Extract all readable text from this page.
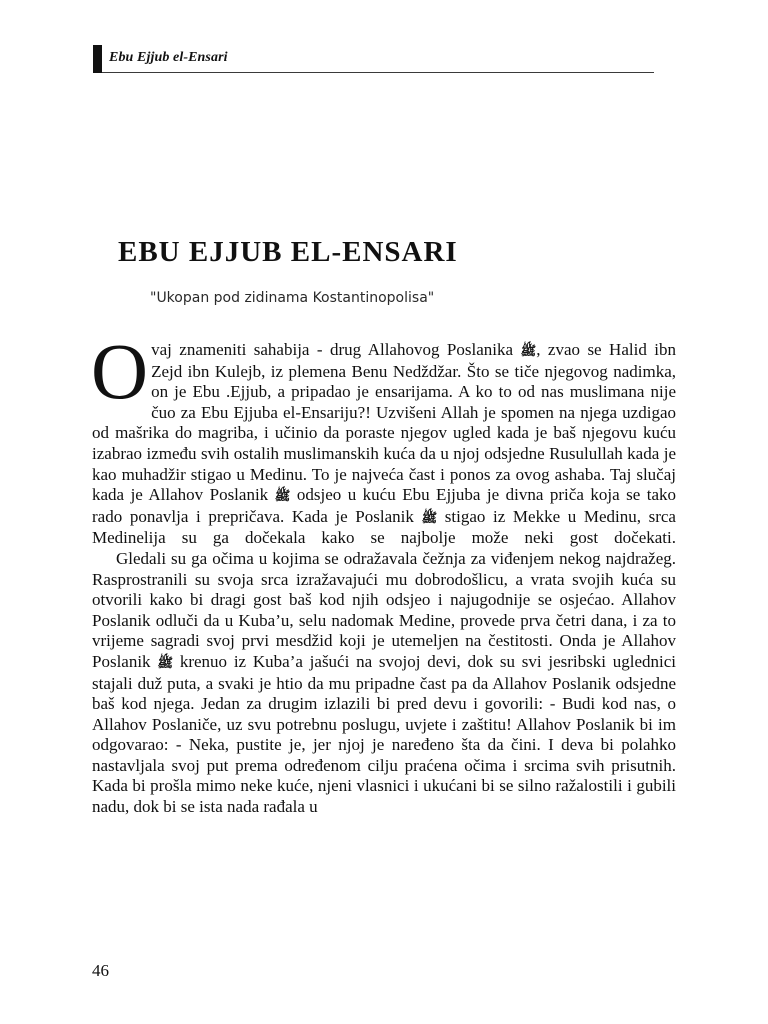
Ebu Ejjub el-Ensari
EBU EJJUB EL-ENSARI
"Ukopan pod zidinama Kostantinopolisa"

Ovaj znameniti sahabija - drug Allahovog Poslanika ﷺ, zvao se Halid ibn Zejd ibn Kulejb, iz plemena Benu Nedždžar. Što se tiče njegovog nadimka, on je Ebu .Ejjub, a pripadao je ensarijama. A ko to od nas muslimana nije čuo za Ebu Ejjuba el-Ensariju?! Uzvišeni Allah je spomen na njega uzdigao od mašrika do magriba, i učinio da poraste njegov ugled kada je baš njegovu kuću izabrao između svih ostalih muslimanskih kuća da u njoj odsjedne Rusulullah kada je kao muhadžir stigao u Medinu. To je najveća čast i ponos za ovog ashaba. Taj slučaj kada je Allahov Poslanik ﷺ odsjeo u kuću Ebu Ejjuba je divna priča koja se tako rado ponavlja i prepričava. Kada je Poslanik ﷺ stigao iz Mekke u Medinu, srca Medinelija su ga dočekala kako se najbolje može neki gost dočekati.

Gledali su ga očima u kojima se odražavala čežnja za viđenjem nekog najdražeg. Rasprostranili su svoja srca izražavajući mu dobrodošlicu, a vrata svojih kuća su otvorili kako bi dragi gost baš kod njih odsjeo i najugodnije se osjećao. Allahov Poslanik odluči da u Kuba’u, selu nadomak Medine, provede prva četri dana, i za to vrijeme sagradi svoj prvi mesdžid koji je utemeljen na čestitosti. Onda je Allahov Poslanik ﷺ krenuo iz Kuba’a jašući na svojoj devi, dok su svi jesribski uglednici stajali duž puta, a svaki je htio da mu pripadne čast pa da Allahov Poslanik odsjedne baš kod njega. Jedan za drugim izlazili bi pred devu i govorili: - Budi kod nas, o Allahov Poslaniče, uz svu potrebnu poslugu, uvjete i zaštitu! Allahov Poslanik bi im odgovarao: - Neka, pustite je, jer njoj je naređeno šta da čini. I deva bi polahko nastavljala svoj put prema određenom cilju praćena očima i srcima svih prisutnih. Kada bi prošla mimo neke kuće, njeni vlasnici i ukućani bi se silno ražalostili i gubili nadu, dok bi se ista nada rađala u

46
